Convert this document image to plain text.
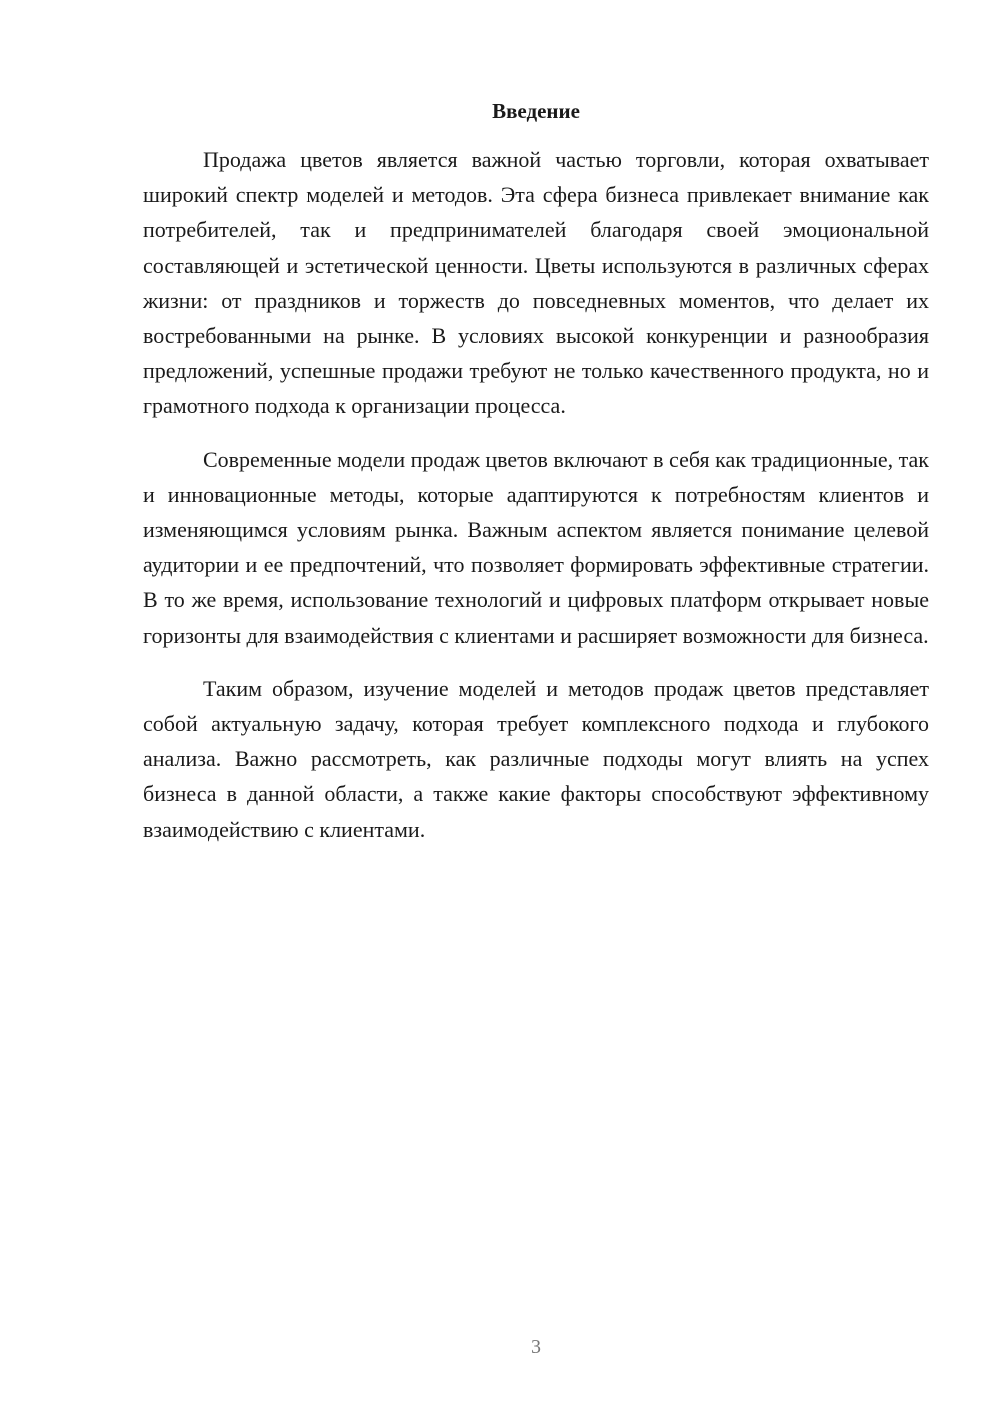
Введение

Продажа цветов является важной частью торговли, которая охватывает широкий спектр моделей и методов. Эта сфера бизнеса привлекает внимание как потребителей, так и предпринимателей благодаря своей эмоциональной составляющей и эстетической ценности. Цветы используются в различных сферах жизни: от праздников и торжеств до повседневных моментов, что делает их востребованными на рынке. В условиях высокой конкуренции и разнообразия предложений, успешные продажи требуют не только качественного продукта, но и грамотного подхода к организации процесса.

Современные модели продаж цветов включают в себя как традиционные, так и инновационные методы, которые адаптируются к потребностям клиентов и изменяющимся условиям рынка. Важным аспектом является понимание целевой аудитории и ее предпочтений, что позволяет формировать эффективные стратегии. В то же время, использование технологий и цифровых платформ открывает новые горизонты для взаимодействия с клиентами и расширяет возможности для бизнеса.

Таким образом, изучение моделей и методов продаж цветов представляет собой актуальную задачу, которая требует комплексного подхода и глубокого анализа. Важно рассмотреть, как различные подходы могут влиять на успех бизнеса в данной области, а также какие факторы способствуют эффективному взаимодействию с клиентами.

3
